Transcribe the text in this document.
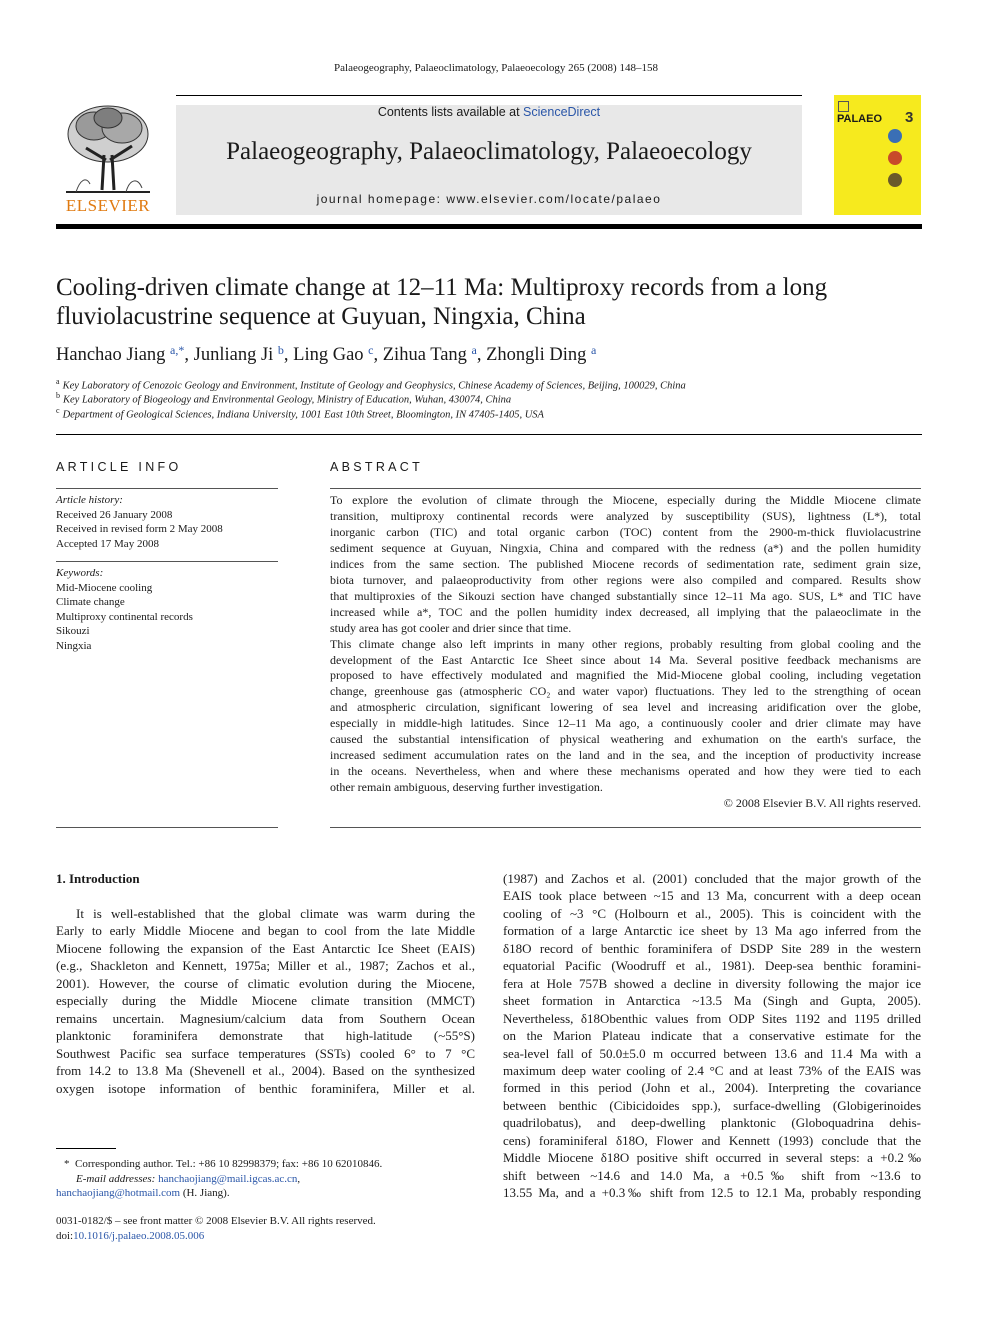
Palaeogeography, Palaeoclimatology, Palaeoecology 265 (2008) 148–158
ELSEVIER
Contents lists available at ScienceDirect
Palaeogeography, Palaeoclimatology, Palaeoecology
journal homepage: www.elsevier.com/locate/palaeo
PALAEO 3
Cooling-driven climate change at 12–11 Ma: Multiproxy records from a long
fluviolacustrine sequence at Guyuan, Ningxia, China
Hanchao Jiang $^{a,*}$, Junliang Ji $^b$, Ling Gao $^c$, Zihua Tang $^a$, Zhongli Ding $^a$
$^a$ Key Laboratory of Cenozoic Geology and Environment, Institute of Geology and Geophysics, Chinese Academy of Sciences, Beijing, 100029, China
$^b$ Key Laboratory of Biogeology and Environmental Geology, Ministry of Education, Wuhan, 430074, China
$^c$ Department of Geological Sciences, Indiana University, 1001 East 10th Street, Bloomington, IN 47405-1405, USA
ARTICLE INFO
Article history:
Received 26 January 2008
Received in revised form 2 May 2008
Accepted 17 May 2008
Keywords:
Mid-Miocene cooling
Climate change
Multiproxy continental records
Sikouzi
Ningxia
ABSTRACT
To explore the evolution of climate through the Miocene, especially during the Middle Miocene climate
transition, multiproxy continental records were analyzed by susceptibility (SUS), lightness (L*), total
inorganic carbon (TIC) and total organic carbon (TOC) content from the 2900-m-thick fluviolacustrine
sediment sequence at Guyuan, Ningxia, China and compared with the redness (a*) and the pollen humidity
indices from the same section. The published Miocene records of sedimentation rate, sediment grain size,
biota turnover, and palaeoproductivity from other regions were also compiled and compared. Results show
that multiproxies of the Sikouzi section have changed substantially since 12–11 Ma ago. SUS, L* and TIC have
increased while a*, TOC and the pollen humidity index decreased, all implying that the palaeoclimate in the
study area has got cooler and drier since that time.
This climate change also left imprints in many other regions, probably resulting from global cooling and the
development of the East Antarctic Ice Sheet since about 14 Ma. Several positive feedback mechanisms are
proposed to have effectively modulated and magnified the Mid-Miocene global cooling, including vegetation
change, greenhouse gas (atmospheric CO₂ and water vapor) fluctuations. They led to the strengthing of ocean
and atmospheric circulation, significant lowering of sea level and increasing aridification over the globe,
especially in middle-high latitudes. Since 12–11 Ma ago, a continuously cooler and drier climate may have
caused the substantial intensification of physical weathering and exhumation on the earth's surface, the
increased sediment accumulation rates on the land and in the sea, and the inception of productivity increase
in the oceans. Nevertheless, when and where these mechanisms operated and how they were tied to each
other remain ambiguous, deserving further investigation.
© 2008 Elsevier B.V. All rights reserved.
1. Introduction
It is well-established that the global climate was warm during the
Early to early Middle Miocene and began to cool from the late Middle
Miocene following the expansion of the East Antarctic Ice Sheet (EAIS)
(e.g., Shackleton and Kennett, 1975a; Miller et al., 1987; Zachos et al.,
2001). However, the course of climatic evolution during the Miocene,
especially during the Middle Miocene climate transition (MMCT)
remains uncertain. Magnesium/calcium data from Southern Ocean
planktonic foraminifera demonstrate that high-latitude (~55°S)
Southwest Pacific sea surface temperatures (SSTs) cooled 6° to 7 °C
from 14.2 to 13.8 Ma (Shevenell et al., 2004). Based on the synthesized
oxygen isotope information of benthic foraminifera, Miller et al.
(1987) and Zachos et al. (2001) concluded that the major growth of the
EAIS took place between ~15 and 13 Ma, concurrent with a deep ocean
cooling of ~3 °C (Holbourn et al., 2005). This is coincident with the
formation of a large Antarctic ice sheet by 13 Ma ago inferred from the
δ18O record of benthic foraminifera of DSDP Site 289 in the western
equatorial Pacific (Woodruff et al., 1981). Deep-sea benthic foramini-
fera at Hole 757B showed a decline in diversity following the major ice
sheet formation in Antarctica ~13.5 Ma (Singh and Gupta, 2005).
Nevertheless, δ18Obenthic values from ODP Sites 1192 and 1195 drilled
on the Marion Plateau indicate that a conservative estimate for the
sea-level fall of 50.0±5.0 m occurred between 13.6 and 11.4 Ma with a
maximum deep water cooling of 2.4 °C and at least 73% of the EAIS was
formed in this period (John et al., 2004). Interpreting the covariance
between benthic (Cibicidoides spp.), surface-dwelling (Globigerinoides
quadrilobatus), and deep-dwelling planktonic (Globoquadrina dehis-
cens) foraminiferal δ18O, Flower and Kennett (1993) conclude that the
Middle Miocene δ18O positive shift occurred in several steps: a +0.2‰
shift between ~14.6 and 14.0 Ma, a +0.5‰ shift from ~13.6 to
13.55 Ma, and a +0.3‰ shift from 12.5 to 12.1 Ma, probably responding
* Corresponding author. Tel.: +86 10 82998379; fax: +86 10 62010846.
E-mail addresses: hanchaojiang@mail.igcas.ac.cn,
hanchaojiang@hotmail.com (H. Jiang).
0031-0182/$ – see front matter © 2008 Elsevier B.V. All rights reserved.
doi:10.1016/j.palaeo.2008.05.006
